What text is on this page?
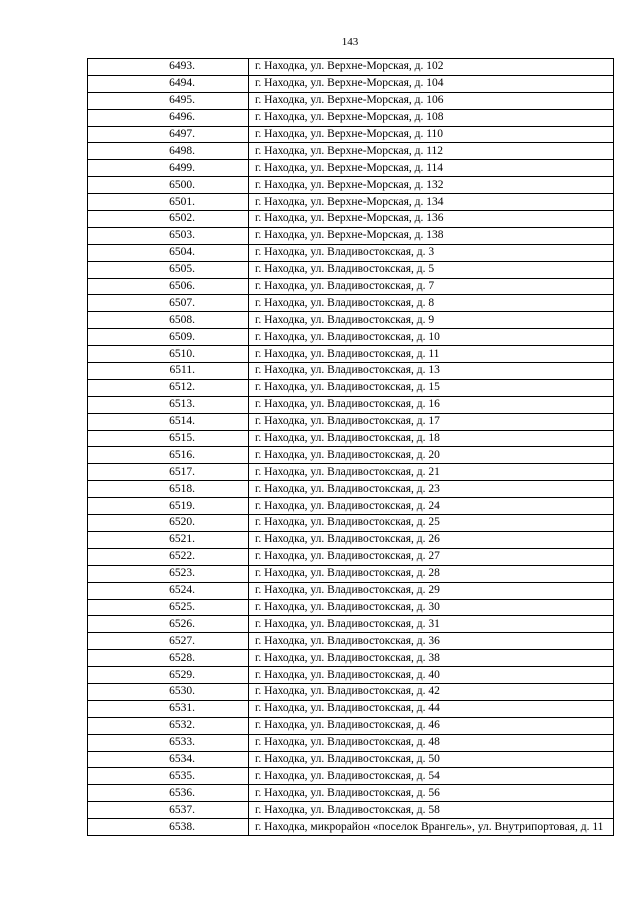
143
6493.	г. Находка, ул. Верхне-Морская, д. 102
6494.	г. Находка, ул. Верхне-Морская, д. 104
6495.	г. Находка, ул. Верхне-Морская, д. 106
6496.	г. Находка, ул. Верхне-Морская, д. 108
6497.	г. Находка, ул. Верхне-Морская, д. 110
6498.	г. Находка, ул. Верхне-Морская, д. 112
6499.	г. Находка, ул. Верхне-Морская, д. 114
6500.	г. Находка, ул. Верхне-Морская, д. 132
6501.	г. Находка, ул. Верхне-Морская, д. 134
6502.	г. Находка, ул. Верхне-Морская, д. 136
6503.	г. Находка, ул. Верхне-Морская, д. 138
6504.	г. Находка, ул. Владивостокская, д. 3
6505.	г. Находка, ул. Владивостокская, д. 5
6506.	г. Находка, ул. Владивостокская, д. 7
6507.	г. Находка, ул. Владивостокская, д. 8
6508.	г. Находка, ул. Владивостокская, д. 9
6509.	г. Находка, ул. Владивостокская, д. 10
6510.	г. Находка, ул. Владивостокская, д. 11
6511.	г. Находка, ул. Владивостокская, д. 13
6512.	г. Находка, ул. Владивостокская, д. 15
6513.	г. Находка, ул. Владивостокская, д. 16
6514.	г. Находка, ул. Владивостокская, д. 17
6515.	г. Находка, ул. Владивостокская, д. 18
6516.	г. Находка, ул. Владивостокская, д. 20
6517.	г. Находка, ул. Владивостокская, д. 21
6518.	г. Находка, ул. Владивостокская, д. 23
6519.	г. Находка, ул. Владивостокская, д. 24
6520.	г. Находка, ул. Владивостокская, д. 25
6521.	г. Находка, ул. Владивостокская, д. 26
6522.	г. Находка, ул. Владивостокская, д. 27
6523.	г. Находка, ул. Владивостокская, д. 28
6524.	г. Находка, ул. Владивостокская, д. 29
6525.	г. Находка, ул. Владивостокская, д. 30
6526.	г. Находка, ул. Владивостокская, д. 31
6527.	г. Находка, ул. Владивостокская, д. 36
6528.	г. Находка, ул. Владивостокская, д. 38
6529.	г. Находка, ул. Владивостокская, д. 40
6530.	г. Находка, ул. Владивостокская, д. 42
6531.	г. Находка, ул. Владивостокская, д. 44
6532.	г. Находка, ул. Владивостокская, д. 46
6533.	г. Находка, ул. Владивостокская, д. 48
6534.	г. Находка, ул. Владивостокская, д. 50
6535.	г. Находка, ул. Владивостокская, д. 54
6536.	г. Находка, ул. Владивостокская, д. 56
6537.	г. Находка, ул. Владивостокская, д. 58
6538.	г. Находка, микрорайон «поселок Врангель», ул. Внутрипортовая, д. 11
